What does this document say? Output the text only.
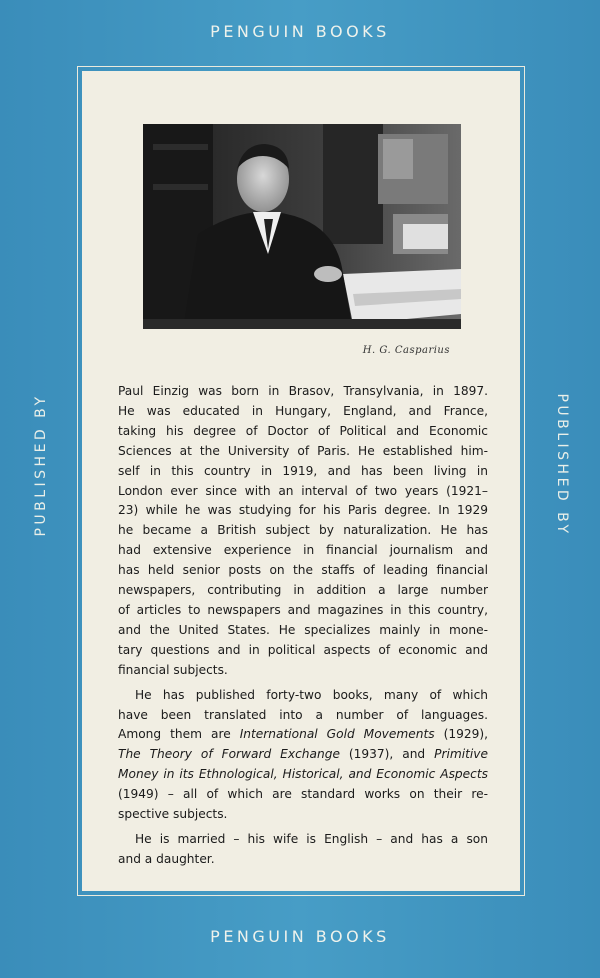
PENGUIN BOOKS
PUBLISHED BY	PUBLISHED BY
H. G. Casparius
Paul Einzig was born in Brasov, Transylvania, in 1897.
He was educated in Hungary, England, and France,
taking his degree of Doctor of Political and Economic
Sciences at the University of Paris. He established him-
self in this country in 1919, and has been living in
London ever since with an interval of two years (1921–
23) while he was studying for his Paris degree. In 1929
he became a British subject by naturalization. He has
had extensive experience in financial journalism and
has held senior posts on the staffs of leading financial
newspapers, contributing in addition a large number
of articles to newspapers and magazines in this country,
and the United States. He specializes mainly in mone-
tary questions and in political aspects of economic and
financial subjects.
He has published forty-two books, many of which
have been translated into a number of languages.
Among them are International Gold Movements (1929),
The Theory of Forward Exchange (1937), and Primitive
Money in its Ethnological, Historical, and Economic Aspects
(1949) – all of which are standard works on their re-
spective subjects.
He is married – his wife is English – and has a son
and a daughter.
PENGUIN BOOKS
